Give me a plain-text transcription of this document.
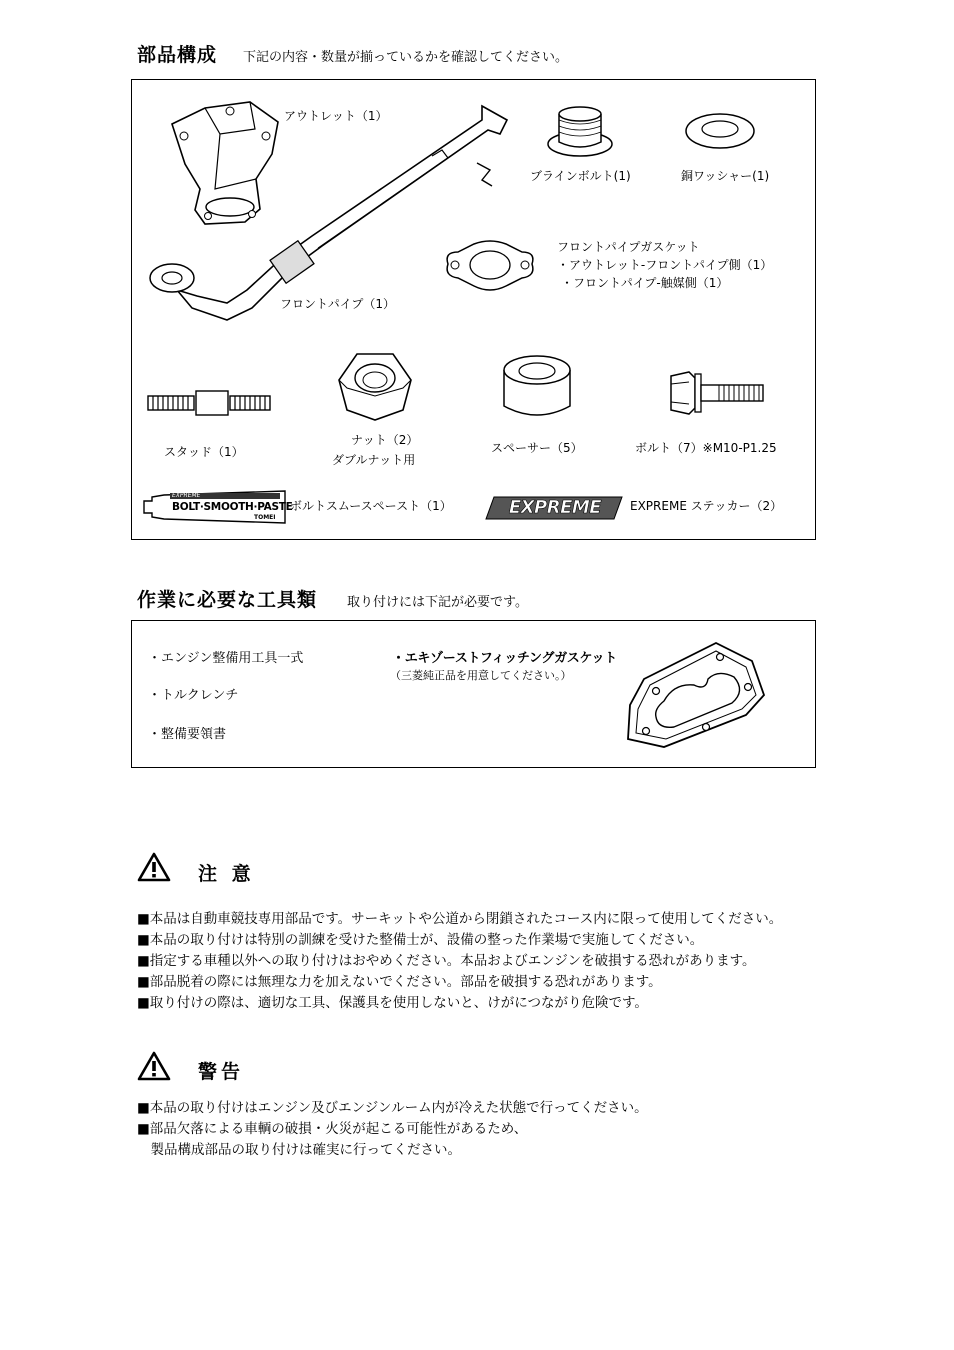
部品構成 下記の内容・数量が揃っているかを確認してください。
アウトレット（1）
フロントパイプ（1）
ブラインボルト(1)	銅ワッシャー(1)
フロントパイプガスケット
・アウトレット-フロントパイプ側（1）
・フロントパイプ-触媒側（1）
スタッド（1）
ナット（2）
ダブルナット用
スペーサー（5）	ボルト（7）※M10-P1.25
EXPREME
BOLT·SMOOTH·PASTE
TOMEI
ボルトスムースペースト（1）	EXPREME	EXPREME ステッカー（2）
作業に必要な工具類 取り付けには下記が必要です。
・エンジン整備用工具一式
・トルクレンチ
・整備要領書
・エキゾーストフィッチングガスケット
（三菱純正品を用意してください。）
注 意
■本品は自動車競技専用部品です。サーキットや公道から閉鎖されたコース内に限って使用してください。
■本品の取り付けは特別の訓練を受けた整備士が、設備の整った作業場で実施してください。
■指定する車種以外への取り付けはおやめください。本品およびエンジンを破損する恐れがあります。
■部品脱着の際には無理な力を加えないでください。部品を破損する恐れがあります。
■取り付けの際は、適切な工具、保護具を使用しないと、けがにつながり危険です。
警告
■本品の取り付けはエンジン及びエンジンルーム内が冷えた状態で行ってください。
■部品欠落による車輌の破損・火災が起こる可能性があるため、
　製品構成部品の取り付けは確実に行ってください。
